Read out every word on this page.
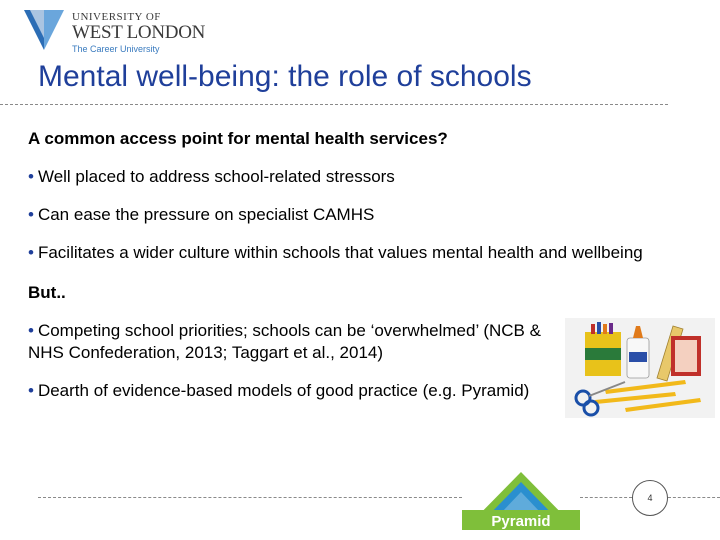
UNIVERSITY OF
WEST LONDON
The Career University
Mental well-being: the role of schools
A common access point for mental health services?
• Well placed to address school-related stressors
• Can ease the pressure on specialist CAMHS
• Facilitates a wider culture within schools that values mental health and wellbeing
But..
• Competing school priorities; schools can be ‘overwhelmed’ (NCB & NHS Confederation, 2013; Taggart et al., 2014)
• Dearth of evidence-based models of good practice (e.g. Pyramid)
Pyramid
4
